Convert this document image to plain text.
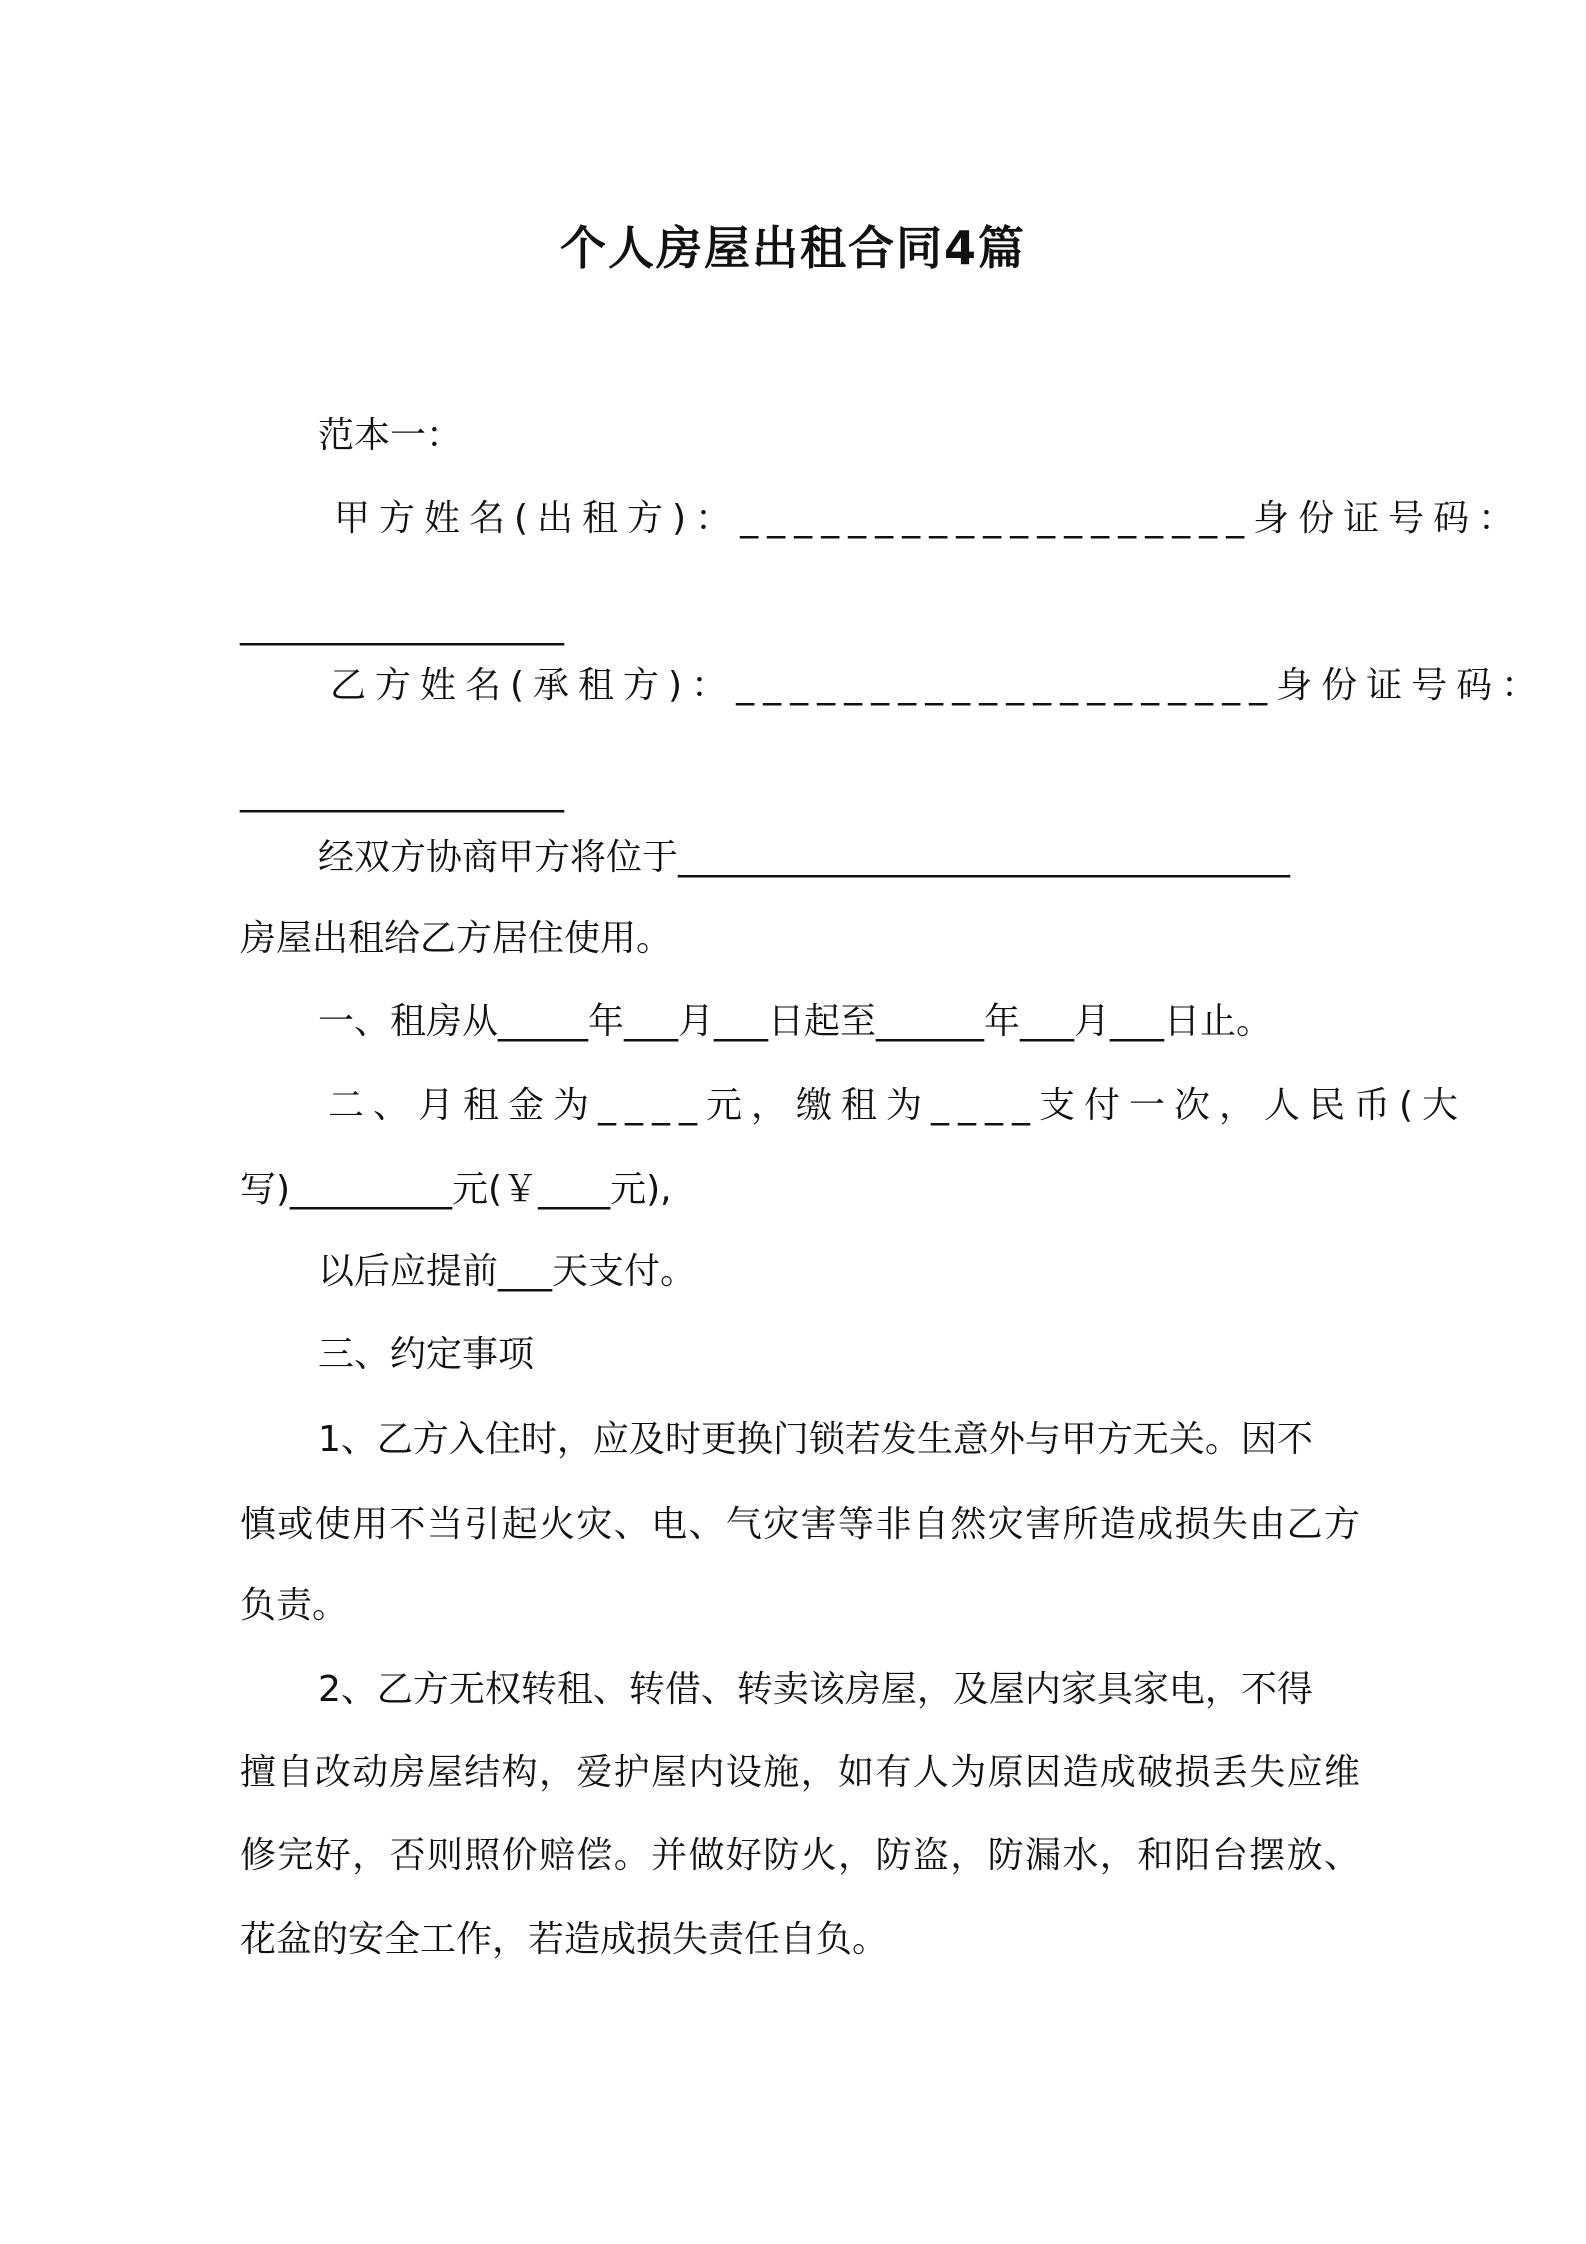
个人房屋出租合同4篇
范本一：
甲方姓名(出租方)：___________________身份证号码：
__________________
乙方姓名(承租方)：____________________身份证号码：
__________________
经双方协商甲方将位于__________________________________
房屋出租给乙方居住使用。
一、租房从_____年___月___日起至______年___月___日止。
二、月租金为____元，缴租为____支付一次，人民币(大
写)_________元(￥____元),
以后应提前___天支付。
三、约定事项
1、乙方入住时，应及时更换门锁若发生意外与甲方无关。因不
慎或使用不当引起火灾、电、气灾害等非自然灾害所造成损失由乙方
负责。
2、乙方无权转租、转借、转卖该房屋，及屋内家具家电，不得
擅自改动房屋结构，爱护屋内设施，如有人为原因造成破损丢失应维
修完好，否则照价赔偿。并做好防火，防盗，防漏水，和阳台摆放、
花盆的安全工作，若造成损失责任自负。
